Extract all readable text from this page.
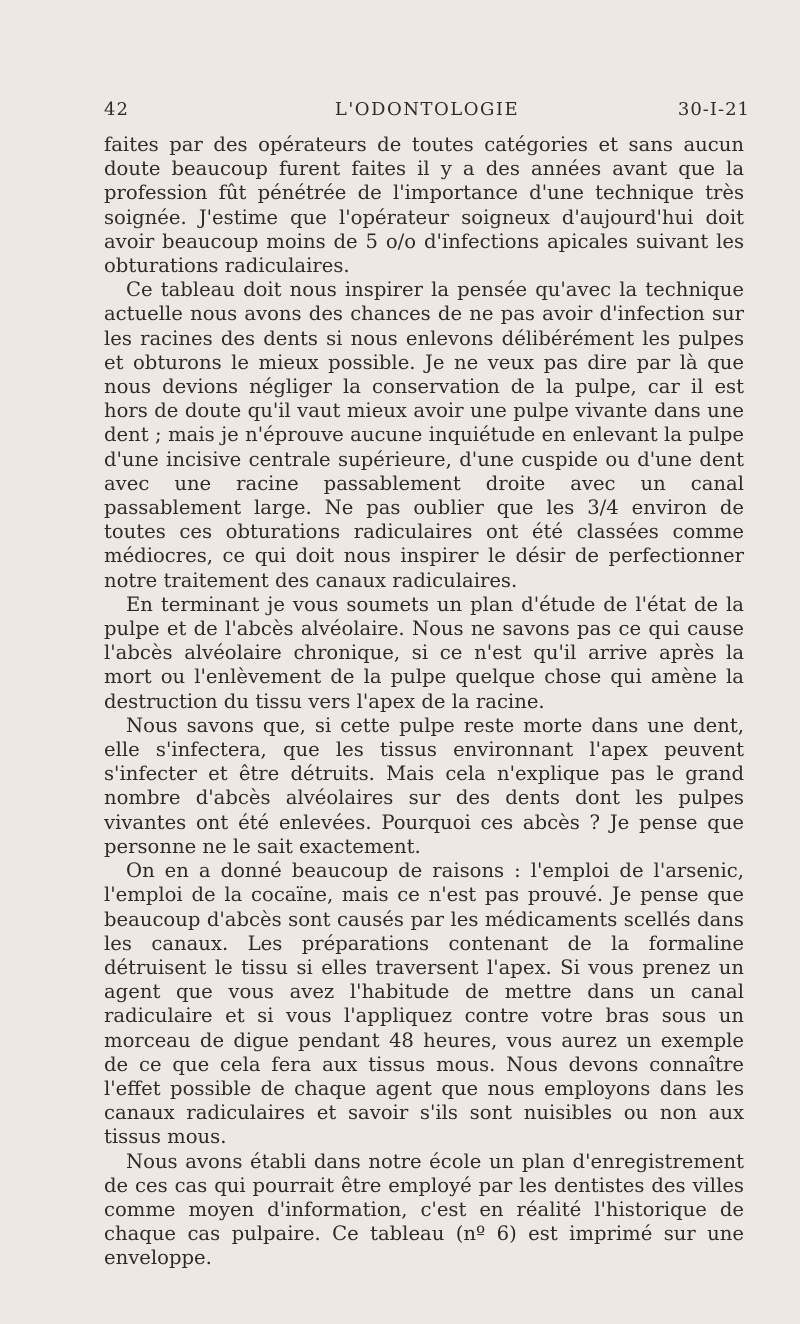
42	L'ODONTOLOGIE	30-I-21

faites par des opérateurs de toutes catégories et sans aucun doute beaucoup furent faites il y a des années avant que la profession fût pénétrée de l'importance d'une technique très soignée. J'estime que l'opérateur soigneux d'aujourd'hui doit avoir beaucoup moins de 5 o/o d'infections apicales suivant les obturations radiculaires.

Ce tableau doit nous inspirer la pensée qu'avec la technique actuelle nous avons des chances de ne pas avoir d'infection sur les racines des dents si nous enlevons délibérément les pulpes et obturons le mieux possible. Je ne veux pas dire par là que nous devions négliger la conservation de la pulpe, car il est hors de doute qu'il vaut mieux avoir une pulpe vivante dans une dent ; mais je n'éprouve aucune inquiétude en enlevant la pulpe d'une incisive centrale supérieure, d'une cuspide ou d'une dent avec une racine passablement droite avec un canal passablement large. Ne pas oublier que les 3/4 environ de toutes ces obturations radiculaires ont été classées comme médiocres, ce qui doit nous inspirer le désir de perfectionner notre traitement des canaux radiculaires.

En terminant je vous soumets un plan d'étude de l'état de la pulpe et de l'abcès alvéolaire. Nous ne savons pas ce qui cause l'abcès alvéolaire chronique, si ce n'est qu'il arrive après la mort ou l'enlèvement de la pulpe quelque chose qui amène la destruction du tissu vers l'apex de la racine.

Nous savons que, si cette pulpe reste morte dans une dent, elle s'infectera, que les tissus environnant l'apex peuvent s'infecter et être détruits. Mais cela n'explique pas le grand nombre d'abcès alvéolaires sur des dents dont les pulpes vivantes ont été enlevées. Pourquoi ces abcès ? Je pense que personne ne le sait exactement.

On en a donné beaucoup de raisons : l'emploi de l'arsenic, l'emploi de la cocaïne, mais ce n'est pas prouvé. Je pense que beaucoup d'abcès sont causés par les médicaments scellés dans les canaux. Les préparations contenant de la formaline détruisent le tissu si elles traversent l'apex. Si vous prenez un agent que vous avez l'habitude de mettre dans un canal radiculaire et si vous l'appliquez contre votre bras sous un morceau de digue pendant 48 heures, vous aurez un exemple de ce que cela fera aux tissus mous. Nous devons connaître l'effet possible de chaque agent que nous employons dans les canaux radiculaires et savoir s'ils sont nuisibles ou non aux tissus mous.

Nous avons établi dans notre école un plan d'enregistrement de ces cas qui pourrait être employé par les dentistes des villes comme moyen d'information, c'est en réalité l'historique de chaque cas pulpaire. Ce tableau (nº 6) est imprimé sur une enveloppe.
